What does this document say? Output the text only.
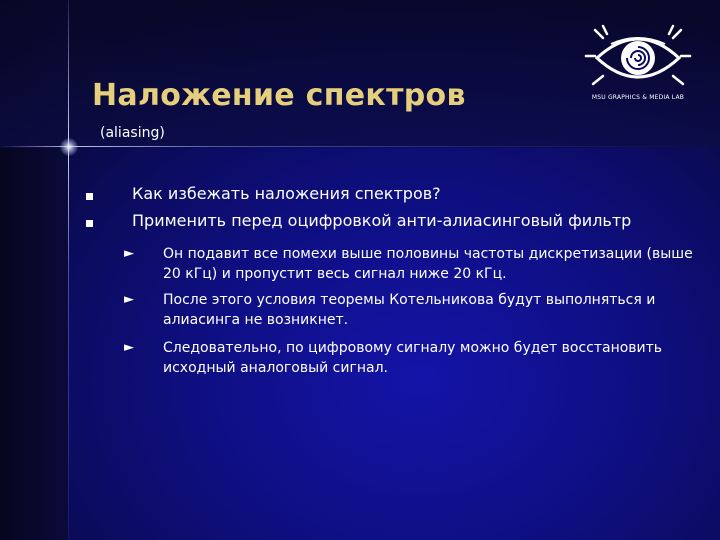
MSU GRAPHICS & MEDIA LAB
Наложение спектров
(aliasing)
Как избежать наложения спектров?
Применить перед оцифровкой анти-алиасинговый фильтр
► Он подавит все помехи выше половины частоты дискретизации (выше 20 кГц) и пропустит весь сигнал ниже 20 кГц.
► После этого условия теоремы Котельникова будут выполняться и алиасинга не возникнет.
► Следовательно, по цифровому сигналу можно будет восстановить исходный аналоговый сигнал.
